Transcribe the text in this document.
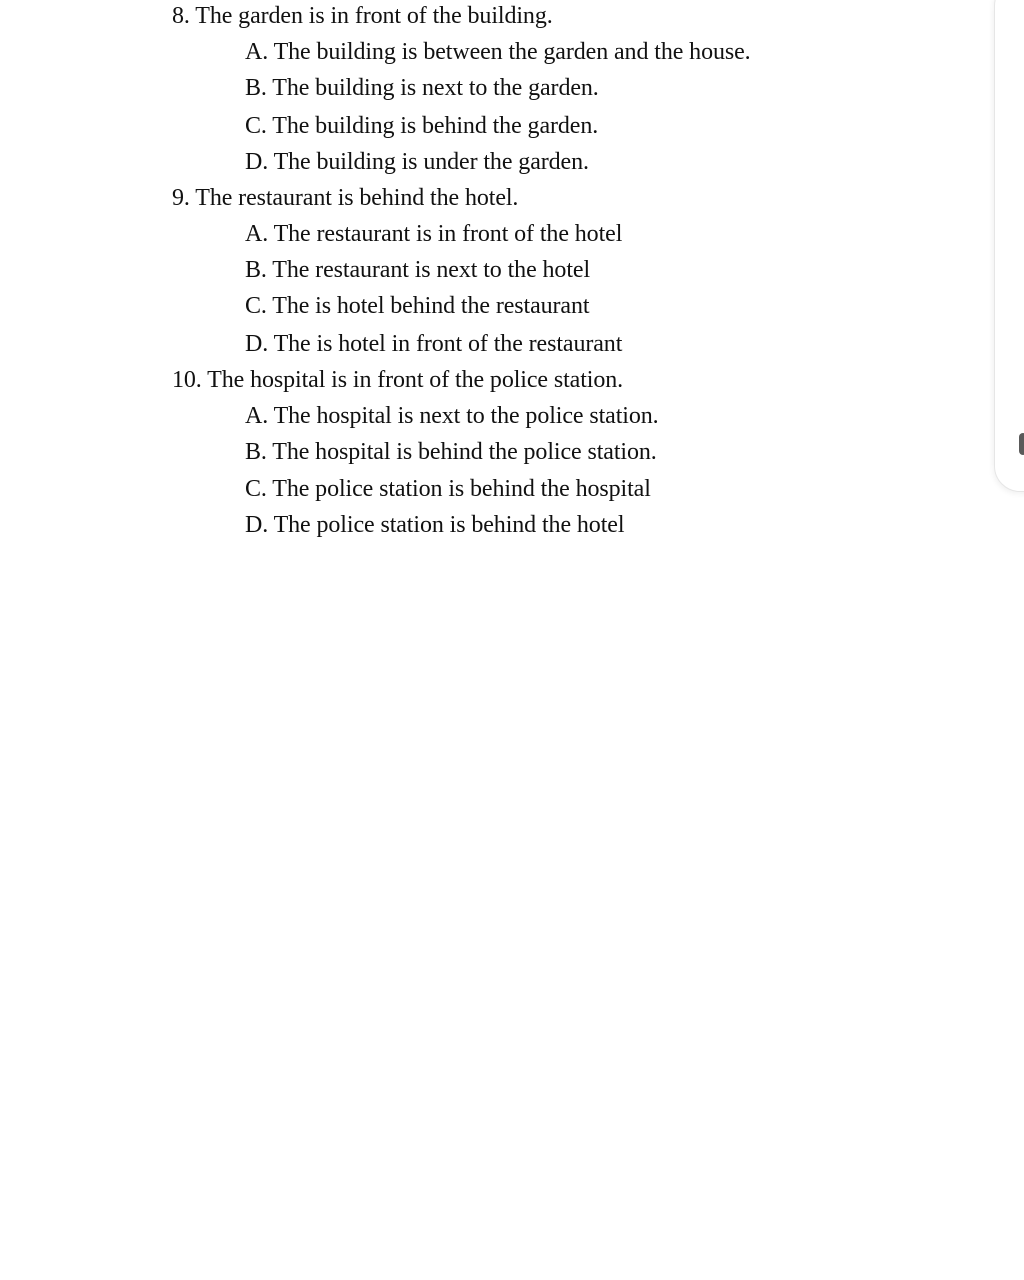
8. The garden is in front of the building.
A. The building is between the garden and the house.
B. The building is next to the garden.
C. The building is behind the garden.
D. The building is under the garden.
9. The restaurant is behind the hotel.
A. The restaurant is in front of the hotel
B. The restaurant is next to the hotel
C. The is hotel behind the restaurant
D. The is hotel in front of the restaurant
10. The hospital is in front of the police station.
A. The hospital is next to the police station.
B. The hospital is behind the police station.
C. The police station is behind the hospital
D. The police station is behind the hotel
